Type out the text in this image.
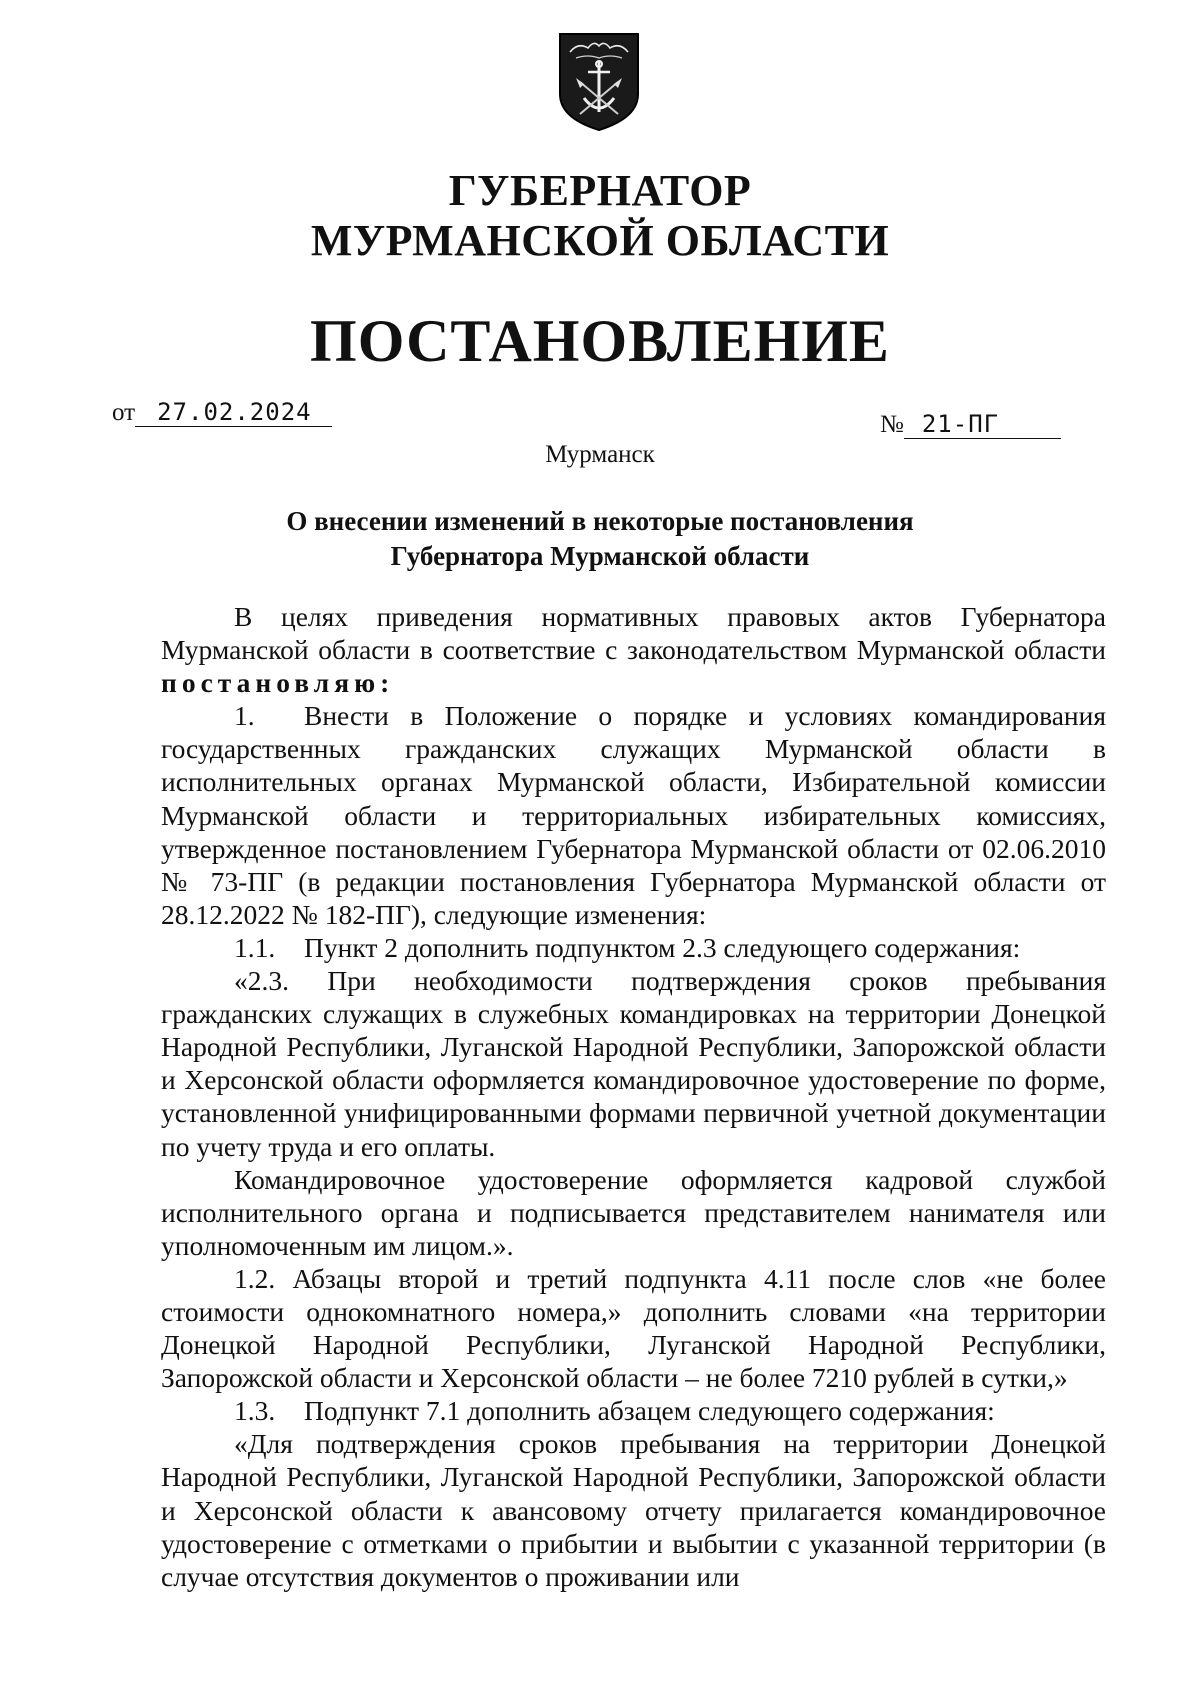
ГУБЕРНАТОР
МУРМАНСКОЙ ОБЛАСТИ
ПОСТАНОВЛЕНИЕ
от 27.02.2024	№ 21-ПГ
Мурманск
О внесении изменений в некоторые постановления
Губернатора Мурманской области

В целях приведения нормативных правовых актов Губернатора Мурманской области в соответствие с законодательством Мурманской области постановляю:

1. Внести в Положение о порядке и условиях командирования государственных гражданских служащих Мурманской области в исполнительных органах Мурманской области, Избирательной комиссии Мурманской области и территориальных избирательных комиссиях, утвержденное постановлением Губернатора Мурманской области от 02.06.2010 № 73-ПГ (в редакции постановления Губернатора Мурманской области от 28.12.2022 № 182-ПГ), следующие изменения:

1.1. Пункт 2 дополнить подпунктом 2.3 следующего содержания:

«2.3. При необходимости подтверждения сроков пребывания гражданских служащих в служебных командировках на территории Донецкой Народной Республики, Луганской Народной Республики, Запорожской области и Херсонской области оформляется командировочное удостоверение по форме, установленной унифицированными формами первичной учетной документации по учету труда и его оплаты.

Командировочное удостоверение оформляется кадровой службой исполнительного органа и подписывается представителем нанимателя или уполномоченным им лицом.».

1.2. Абзацы второй и третий подпункта 4.11 после слов «не более стоимости однокомнатного номера,» дополнить словами «на территории Донецкой Народной Республики, Луганской Народной Республики, Запорожской области и Херсонской области – не более 7210 рублей в сутки,»

1.3. Подпункт 7.1 дополнить абзацем следующего содержания:

«Для подтверждения сроков пребывания на территории Донецкой Народной Республики, Луганской Народной Республики, Запорожской области и Херсонской области к авансовому отчету прилагается командировочное удостоверение с отметками о прибытии и выбытии с указанной территории (в случае отсутствия документов о проживании или
